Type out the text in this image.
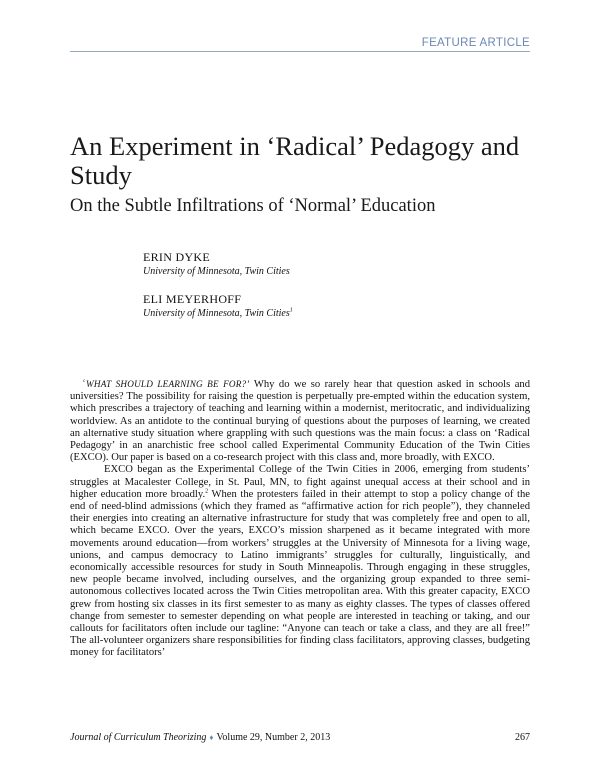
FEATURE ARTICLE
An Experiment in ‘Radical’ Pedagogy and Study
On the Subtle Infiltrations of ‘Normal’ Education
ERIN DYKE
University of Minnesota, Twin Cities
ELI MEYERHOFF
University of Minnesota, Twin Cities$^1$

‘WHAT SHOULD LEARNING BE FOR?’ Why do we so rarely hear that question asked in schools and universities? The possibility for raising the question is perpetually pre-empted within the education system, which prescribes a trajectory of teaching and learning within a modernist, meritocratic, and individualizing worldview. As an antidote to the continual burying of questions about the purposes of learning, we created an alternative study situation where grappling with such questions was the main focus: a class on ‘Radical Pedagogy’ in an anarchistic free school called Experimental Community Education of the Twin Cities (EXCO). Our paper is based on a co-research project with this class and, more broadly, with EXCO.

EXCO began as the Experimental College of the Twin Cities in 2006, emerging from students’ struggles at Macalester College, in St. Paul, MN, to fight against unequal access at their school and in higher education more broadly.$^2$ When the protesters failed in their attempt to stop a policy change of the end of need-blind admissions (which they framed as “affirmative action for rich people”), they channeled their energies into creating an alternative infrastructure for study that was completely free and open to all, which became EXCO. Over the years, EXCO’s mission sharpened as it became integrated with more movements around education—from workers’ struggles at the University of Minnesota for a living wage, unions, and campus democracy to Latino immigrants’ struggles for culturally, linguistically, and economically accessible resources for study in South Minneapolis. Through engaging in these struggles, new people became involved, including ourselves, and the organizing group expanded to three semi-autonomous collectives located across the Twin Cities metropolitan area. With this greater capacity, EXCO grew from hosting six classes in its first semester to as many as eighty classes. The types of classes offered change from semester to semester depending on what people are interested in teaching or taking, and our callouts for facilitators often include our tagline: “Anyone can teach or take a class, and they are all free!” The all-volunteer organizers share responsibilities for finding class facilitators, approving classes, budgeting money for facilitators’

Journal of Curriculum Theorizing ♦ Volume 29, Number 2, 2013	267
